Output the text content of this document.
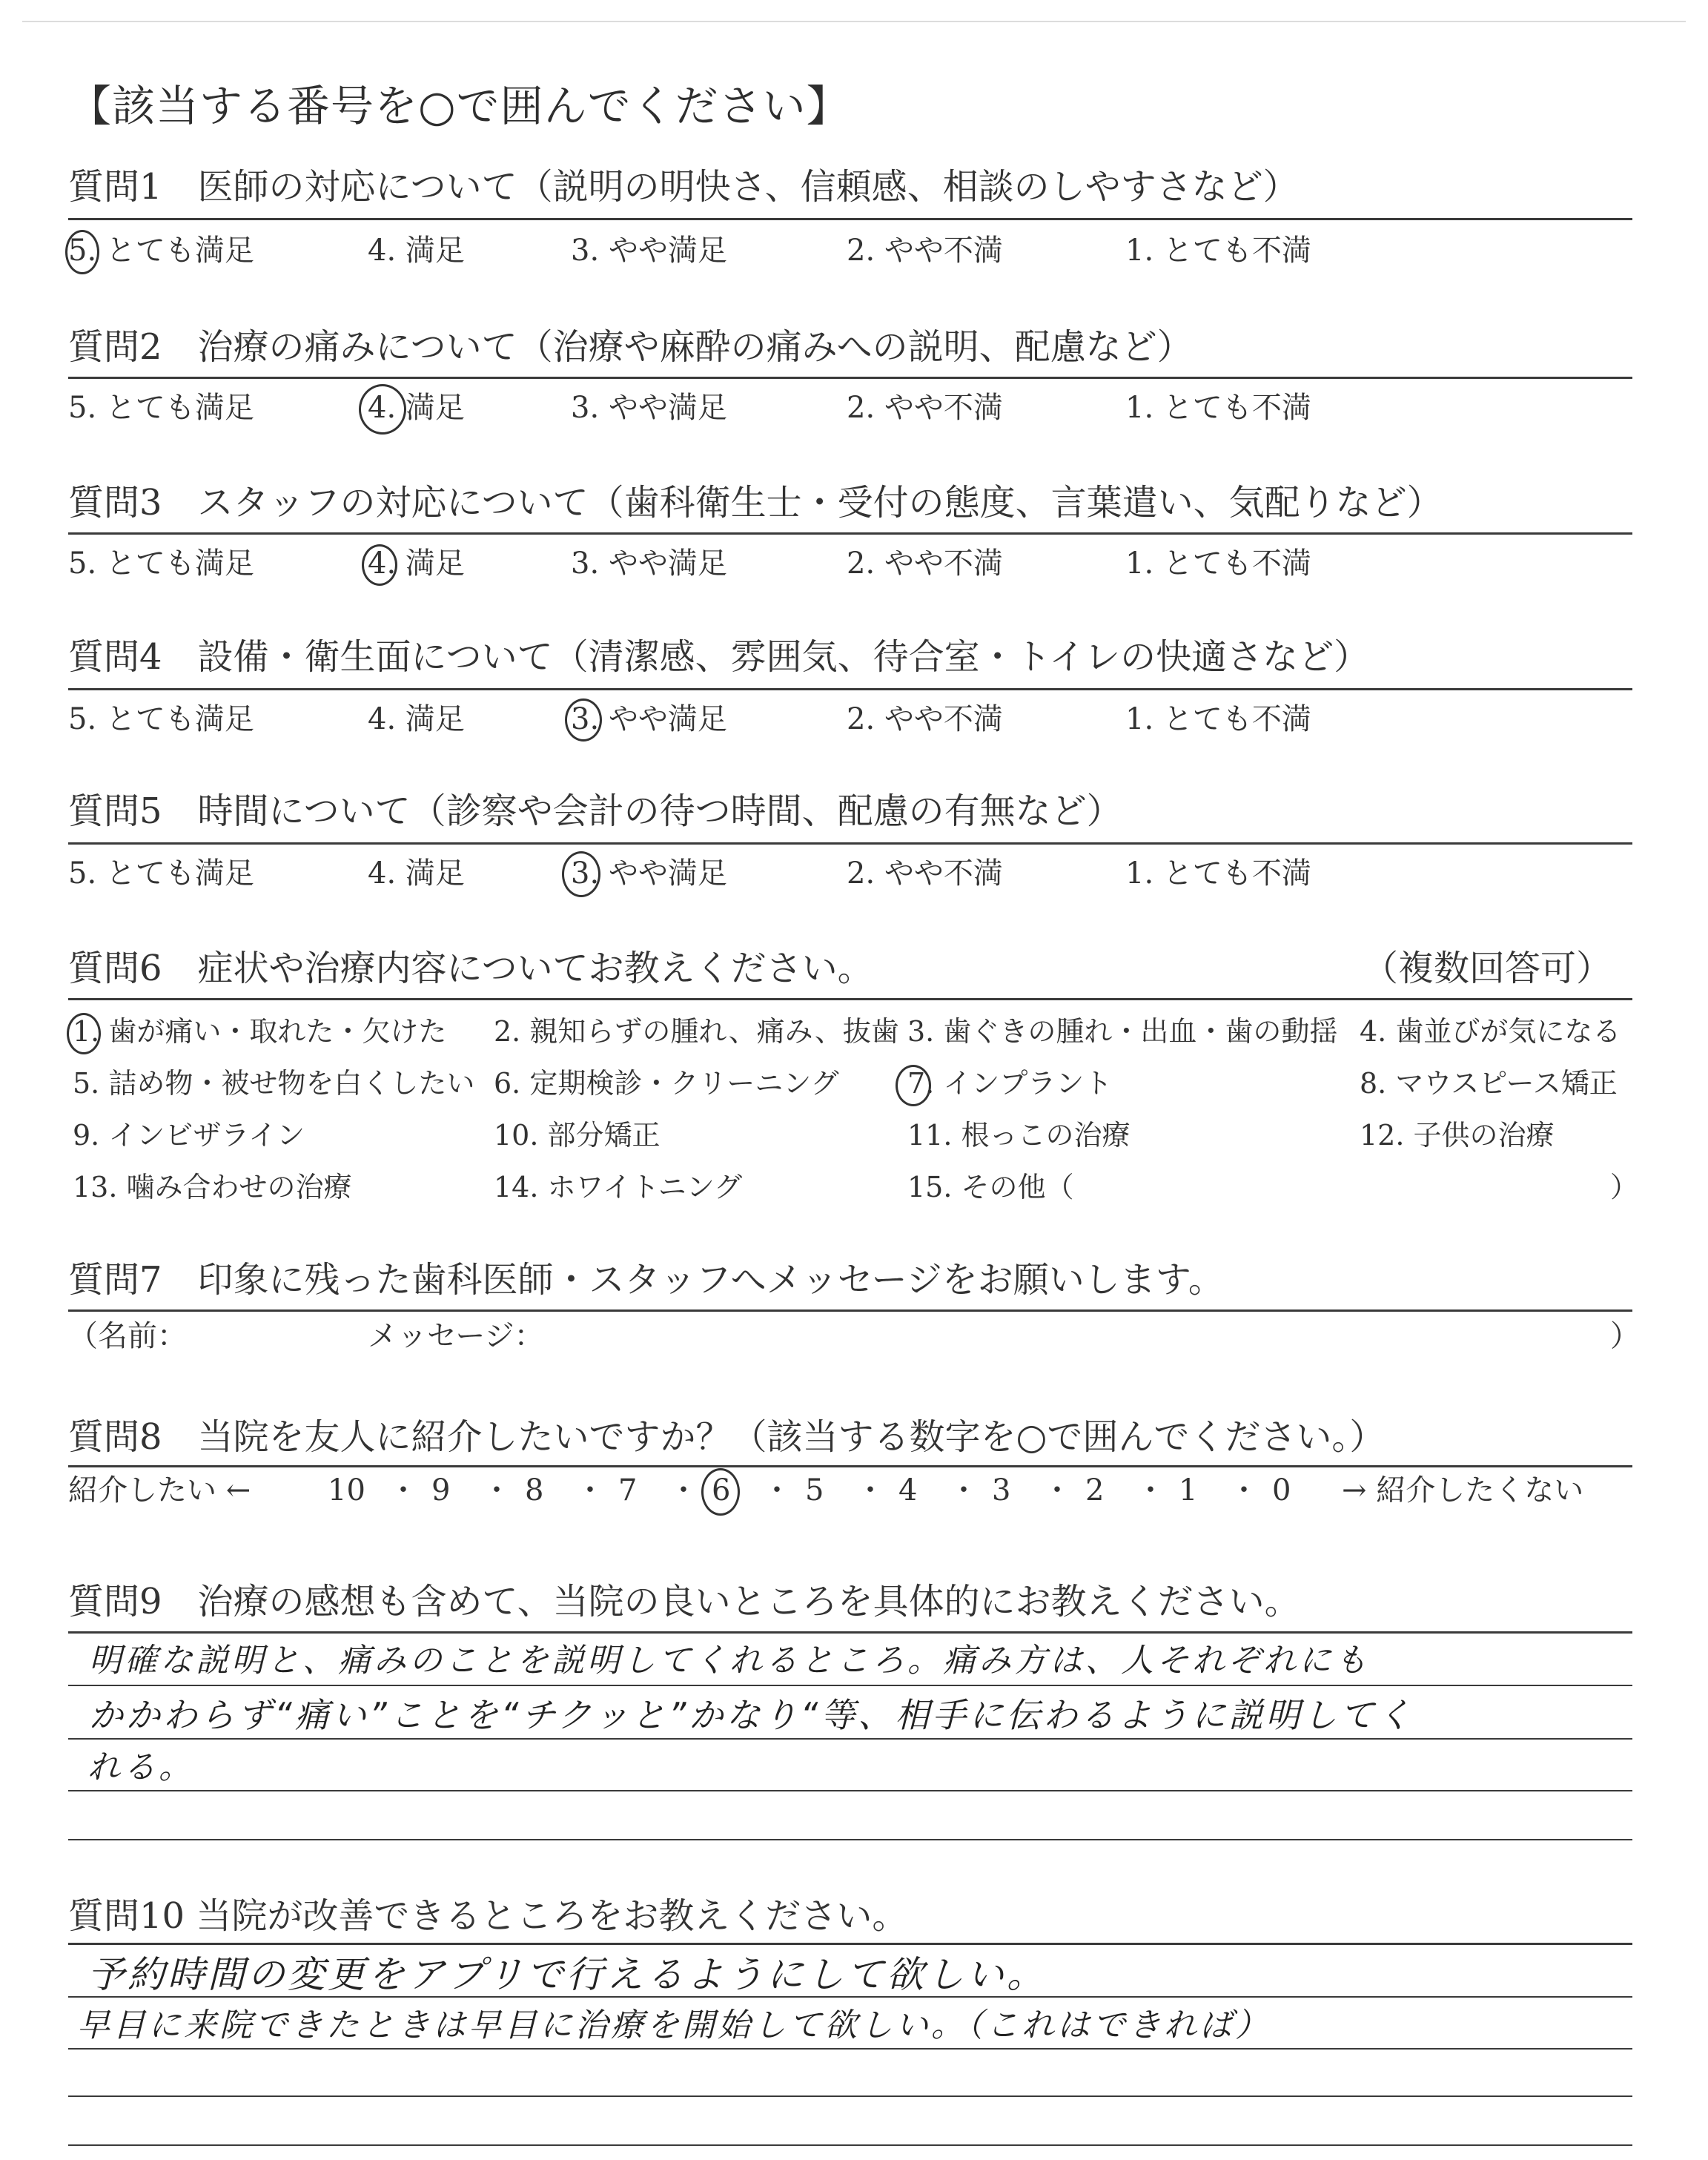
【該当する番号を○で囲んでください】
質問1　医師の対応について（説明の明快さ、信頼感、相談のしやすさなど）
5. とても満足	4. 満足	3. やや満足	2. やや不満	1. とても不満
質問2　治療の痛みについて（治療や麻酔の痛みへの説明、配慮など）
5. とても満足	4. 満足	3. やや満足	2. やや不満	1. とても不満
質問3　スタッフの対応について（歯科衛生士・受付の態度、言葉遣い、気配りなど）
5. とても満足	4. 満足	3. やや満足	2. やや不満	1. とても不満
質問4　設備・衛生面について（清潔感、雰囲気、待合室・トイレの快適さなど）
5. とても満足	4. 満足	3. やや満足	2. やや不満	1. とても不満
質問5　時間について（診察や会計の待つ時間、配慮の有無など）
5. とても満足	4. 満足	3. やや満足	2. やや不満	1. とても不満
質問6　症状や治療内容についてお教えください。	（複数回答可）
1. 歯が痛い・取れた・欠けた 2. 親知らずの腫れ、痛み、抜歯 3. 歯ぐきの腫れ・出血・歯の動揺 4. 歯並びが気になる
5. 詰め物・被せ物を白くしたい 6. 定期検診・クリーニング 7. インプラント	8. マウスピース矯正
9. インビザライン	10. 部分矯正	11. 根っこの治療	12. 子供の治療
13. 噛み合わせの治療	14. ホワイトニング	15. その他（	）
質問7　印象に残った歯科医師・スタッフへメッセージをお願いします。
（名前：	メッセージ：	）
質問8　当院を友人に紹介したいですか？（該当する数字を○で囲んでください。）
紹介したい ←	10 ・ 9 ・ 8 ・ 7 ・ 6 ・ 5 ・ 4 ・ 3 ・ 2 ・ 1 ・ 0 → 紹介したくない
質問9　治療の感想も含めて、当院の良いところを具体的にお教えください。
明確な説明と、痛みのことを説明してくれるところ。痛み方は、人それぞれにも
かかわらず“痛い”ことを“チクッと”かなり“等、相手に伝わるように説明してく
れる。
質問10 当院が改善できるところをお教えください。
予約時間の変更をアプリで行えるようにして欲しい。
早目に来院できたときは早目に治療を開始して欲しい。（これはできれば）
